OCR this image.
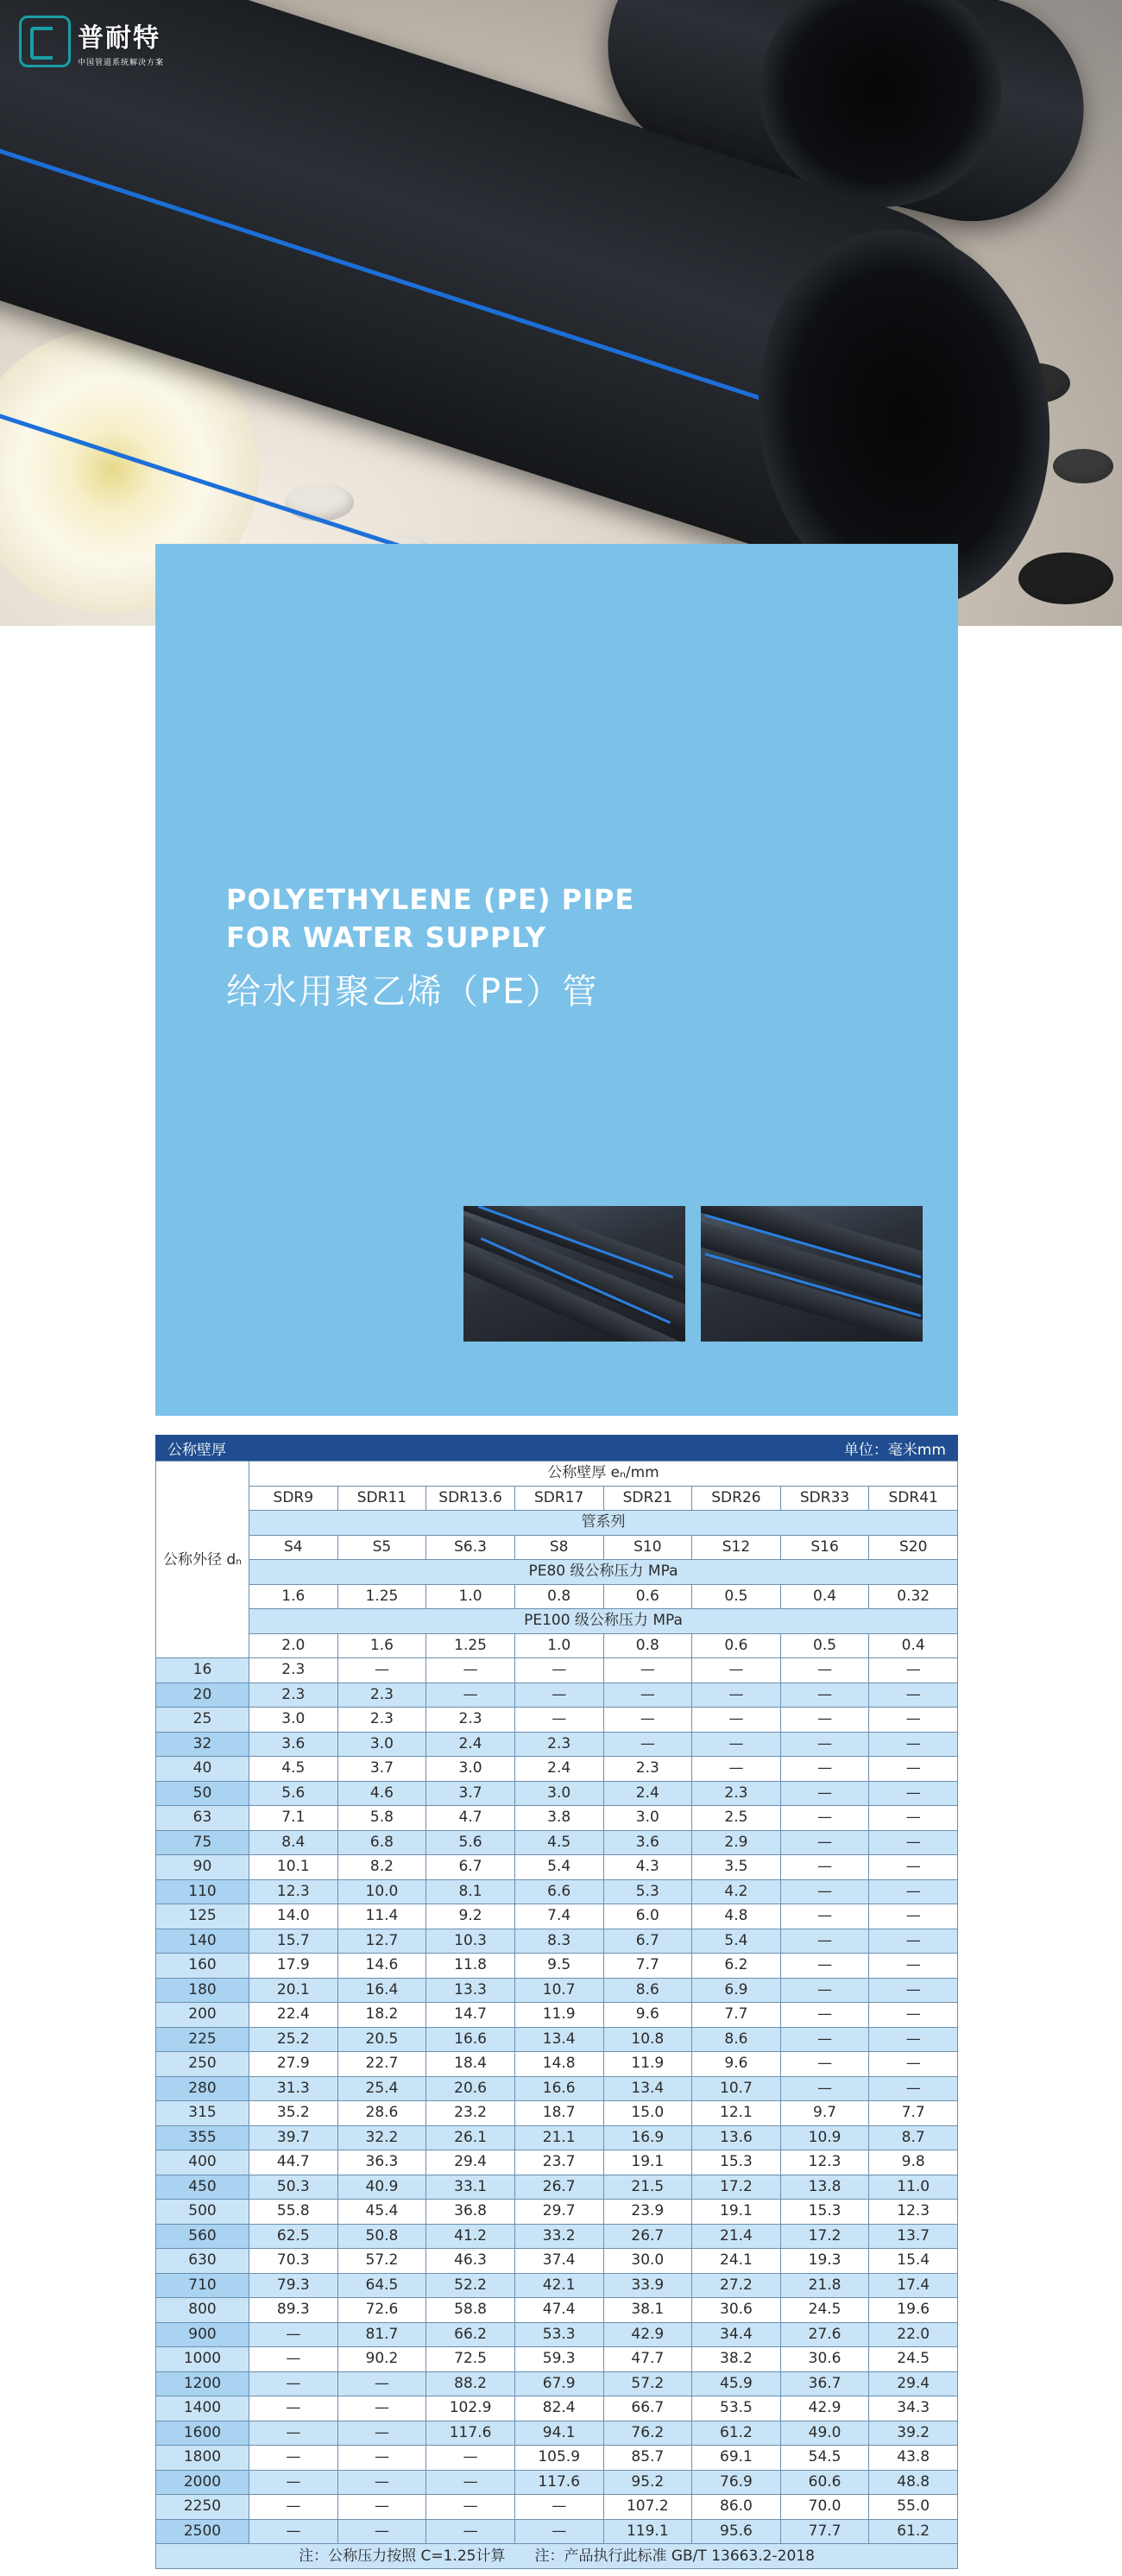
普耐特
中国管道系统解决方案
POLYETHYLENE (PE) PIPE
FOR WATER SUPPLY
给水用聚乙烯（PE）管
公称壁厚	单位：毫米mm
公称外径 dₙ	公称壁厚 eₙ/mm							
	SDR9	SDR11	SDR13.6	SDR17	SDR21	SDR26	SDR33	SDR41
	管系列							
	S4	S5	S6.3	S8	S10	S12	S16	S20
	PE80 级公称压力 MPa							
	1.6	1.25	1.0	0.8	0.6	0.5	0.4	0.32
	PE100 级公称压力 MPa							
	2.0	1.6	1.25	1.0	0.8	0.6	0.5	0.4
16	2.3	—	—	—	—	—	—	—
20	2.3	2.3	—	—	—	—	—	—
25	3.0	2.3	2.3	—	—	—	—	—
32	3.6	3.0	2.4	2.3	—	—	—	—
40	4.5	3.7	3.0	2.4	2.3	—	—	—
50	5.6	4.6	3.7	3.0	2.4	2.3	—	—
63	7.1	5.8	4.7	3.8	3.0	2.5	—	—
75	8.4	6.8	5.6	4.5	3.6	2.9	—	—
90	10.1	8.2	6.7	5.4	4.3	3.5	—	—
110	12.3	10.0	8.1	6.6	5.3	4.2	—	—
125	14.0	11.4	9.2	7.4	6.0	4.8	—	—
140	15.7	12.7	10.3	8.3	6.7	5.4	—	—
160	17.9	14.6	11.8	9.5	7.7	6.2	—	—
180	20.1	16.4	13.3	10.7	8.6	6.9	—	—
200	22.4	18.2	14.7	11.9	9.6	7.7	—	—
225	25.2	20.5	16.6	13.4	10.8	8.6	—	—
250	27.9	22.7	18.4	14.8	11.9	9.6	—	—
280	31.3	25.4	20.6	16.6	13.4	10.7	—	—
315	35.2	28.6	23.2	18.7	15.0	12.1	9.7	7.7
355	39.7	32.2	26.1	21.1	16.9	13.6	10.9	8.7
400	44.7	36.3	29.4	23.7	19.1	15.3	12.3	9.8
450	50.3	40.9	33.1	26.7	21.5	17.2	13.8	11.0
500	55.8	45.4	36.8	29.7	23.9	19.1	15.3	12.3
560	62.5	50.8	41.2	33.2	26.7	21.4	17.2	13.7
630	70.3	57.2	46.3	37.4	30.0	24.1	19.3	15.4
710	79.3	64.5	52.2	42.1	33.9	27.2	21.8	17.4
800	89.3	72.6	58.8	47.4	38.1	30.6	24.5	19.6
900	—	81.7	66.2	53.3	42.9	34.4	27.6	22.0
1000	—	90.2	72.5	59.3	47.7	38.2	30.6	24.5
1200	—	—	88.2	67.9	57.2	45.9	36.7	29.4
1400	—	—	102.9	82.4	66.7	53.5	42.9	34.3
1600	—	—	117.6	94.1	76.2	61.2	49.0	39.2
1800	—	—	—	105.9	85.7	69.1	54.5	43.8
2000	—	—	—	117.6	95.2	76.9	60.6	48.8
2250	—	—	—	—	107.2	86.0	70.0	55.0
2500	—	—	—	—	119.1	95.6	77.7	61.2
注：公称压力按照 C=1.25计算　　注：产品执行此标准 GB/T 13663.2-2018
